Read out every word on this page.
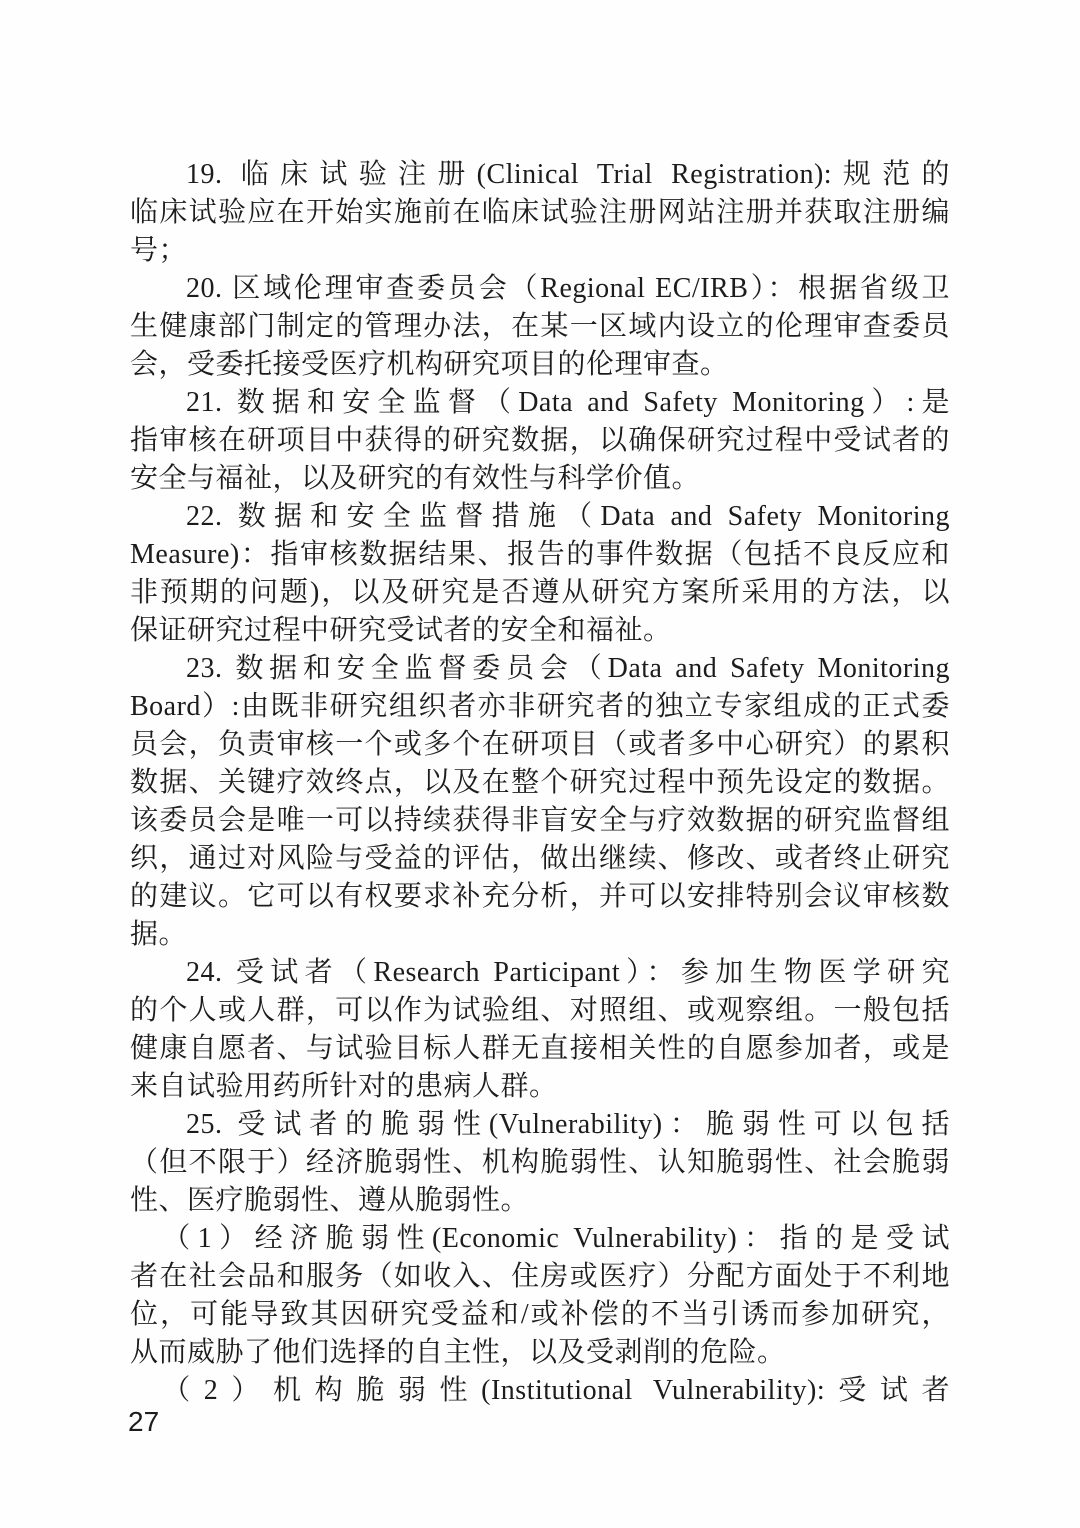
19. 临床试验注册(Clinical Trial Registration):规范的
临床试验应在开始实施前在临床试验注册网站注册并获取注册编
号；
20. 区域伦理审查委员会（Regional EC/IRB）：根据省级卫
生健康部门制定的管理办法，在某一区域内设立的伦理审查委员
会，受委托接受医疗机构研究项目的伦理审查。
21. 数据和安全监督（Data and Safety Monitoring）:是
指审核在研项目中获得的研究数据，以确保研究过程中受试者的
安全与福祉，以及研究的有效性与科学价值。
22. 数据和安全监督措施（Data and Safety Monitoring
Measure)：指审核数据结果、报告的事件数据（包括不良反应和
非预期的问题)，以及研究是否遵从研究方案所采用的方法，以
保证研究过程中研究受试者的安全和福祉。
23. 数据和安全监督委员会（Data and Safety Monitoring
Board）:由既非研究组织者亦非研究者的独立专家组成的正式委
员会，负责审核一个或多个在研项目（或者多中心研究）的累积
数据、关键疗效终点，以及在整个研究过程中预先设定的数据。
该委员会是唯一可以持续获得非盲安全与疗效数据的研究监督组
织，通过对风险与受益的评估，做出继续、修改、或者终止研究
的建议。它可以有权要求补充分析，并可以安排特别会议审核数
据。
24. 受试者（Research Participant）：参加生物医学研究
的个人或人群，可以作为试验组、对照组、或观察组。一般包括
健康自愿者、与试验目标人群无直接相关性的自愿参加者，或是
来自试验用药所针对的患病人群。
25. 受试者的脆弱性(Vulnerability)：脆弱性可以包括
（但不限于）经济脆弱性、机构脆弱性、认知脆弱性、社会脆弱
性、医疗脆弱性、遵从脆弱性。
（1）经济脆弱性(Economic Vulnerability)：指的是受试
者在社会品和服务（如收入、住房或医疗）分配方面处于不利地
位，可能导致其因研究受益和/或补偿的不当引诱而参加研究，
从而威胁了他们选择的自主性，以及受剥削的危险。
（2）机构脆弱性(Institutional Vulnerability):受试者
27
